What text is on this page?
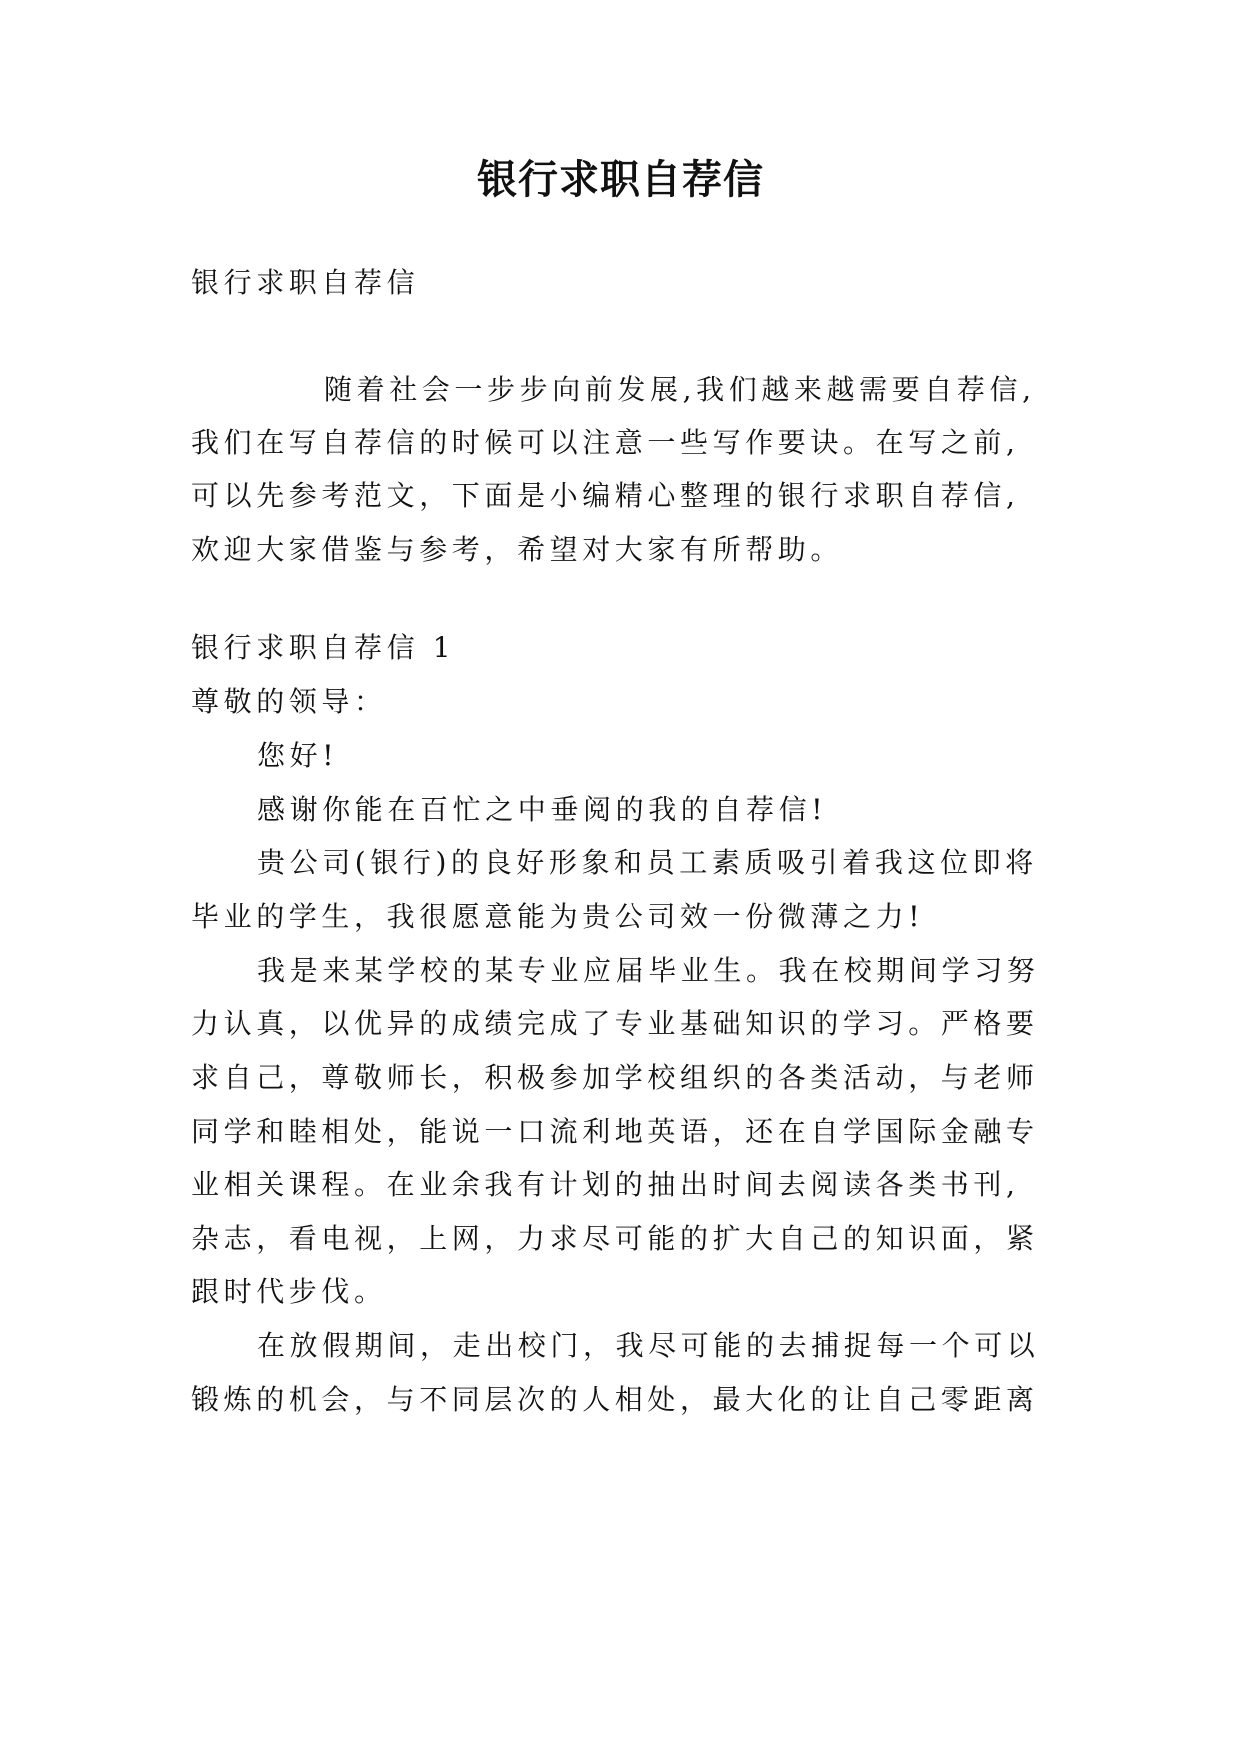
银行求职自荐信
银行求职自荐信
随着社会一步步向前发展,我们越来越需要自荐信,
我们在写自荐信的时候可以注意一些写作要诀。在写之前,
可以先参考范文，下面是小编精心整理的银行求职自荐信,
欢迎大家借鉴与参考，希望对大家有所帮助。
银行求职自荐信 1
尊敬的领导：
您好!
感谢你能在百忙之中垂阅的我的自荐信!
贵公司(银行)的良好形象和员工素质吸引着我这位即将
毕业的学生，我很愿意能为贵公司效一份微薄之力!
我是来某学校的某专业应届毕业生。我在校期间学习努
力认真，以优异的成绩完成了专业基础知识的学习。严格要
求自己，尊敬师长，积极参加学校组织的各类活动，与老师
同学和睦相处，能说一口流利地英语，还在自学国际金融专
业相关课程。在业余我有计划的抽出时间去阅读各类书刊,
杂志，看电视，上网，力求尽可能的扩大自己的知识面，紧
跟时代步伐。
在放假期间，走出校门，我尽可能的去捕捉每一个可以
锻炼的机会，与不同层次的人相处，最大化的让自己零距离
